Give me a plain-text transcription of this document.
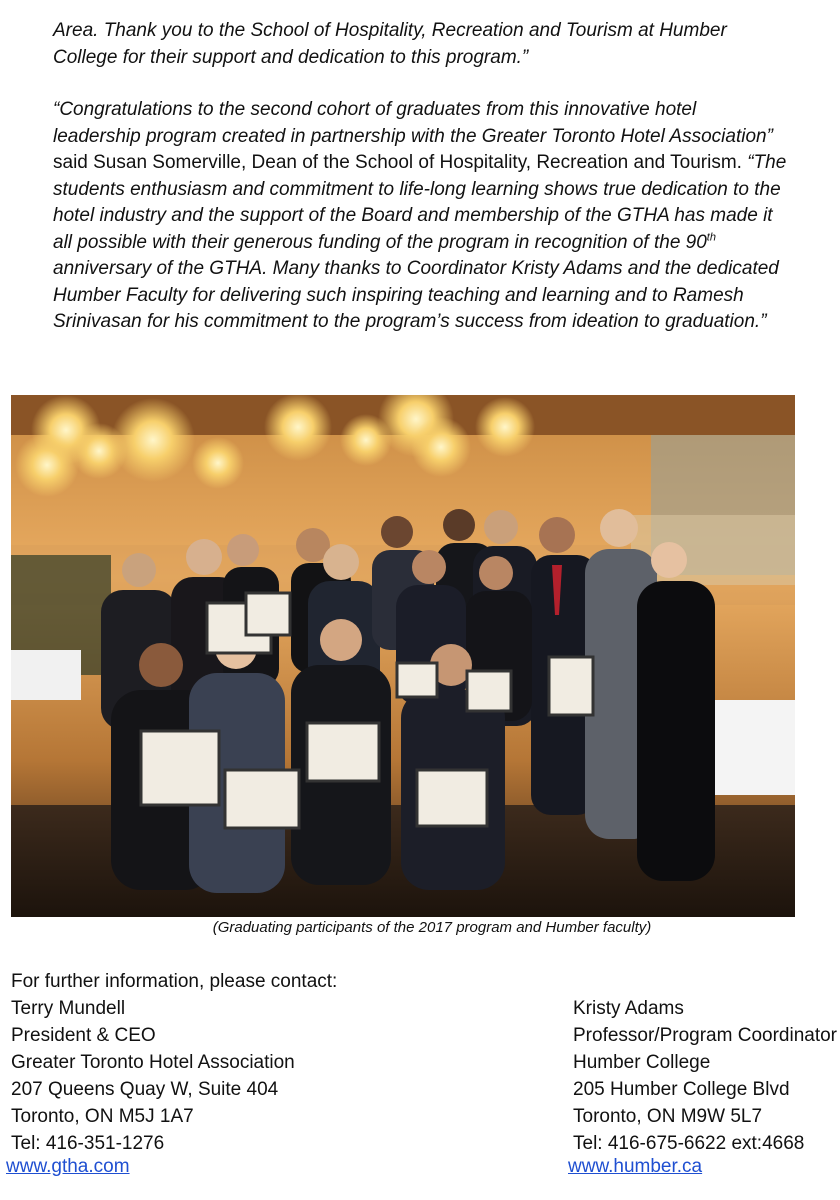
Area. Thank you to the School of Hospitality, Recreation and Tourism at Humber College for their support and dedication to this program.”

“Congratulations to the second cohort of graduates from this innovative hotel leadership program created in partnership with the Greater Toronto Hotel Association” said Susan Somerville, Dean of the School of Hospitality, Recreation and Tourism. “The students enthusiasm and commitment to life-long learning shows true dedication to the hotel industry and the support of the Board and membership of the GTHA has made it all possible with their generous funding of the program in recognition of the 90th anniversary of the GTHA. Many thanks to Coordinator Kristy Adams and the dedicated Humber Faculty for delivering such inspiring teaching and learning and to Ramesh Srinivasan for his commitment to the program’s success from ideation to graduation.”

(Graduating participants of the 2017 program and Humber faculty)
For further information, please contact:
Terry Mundell
President & CEO
Greater Toronto Hotel Association
207 Queens Quay W, Suite 404
Toronto, ON M5J 1A7
Tel: 416-351-1276
www.gtha.com
Kristy Adams
Professor/Program Coordinator
Humber College
205 Humber College Blvd
Toronto, ON M9W 5L7
Tel: 416-675-6622 ext:4668
www.humber.ca
